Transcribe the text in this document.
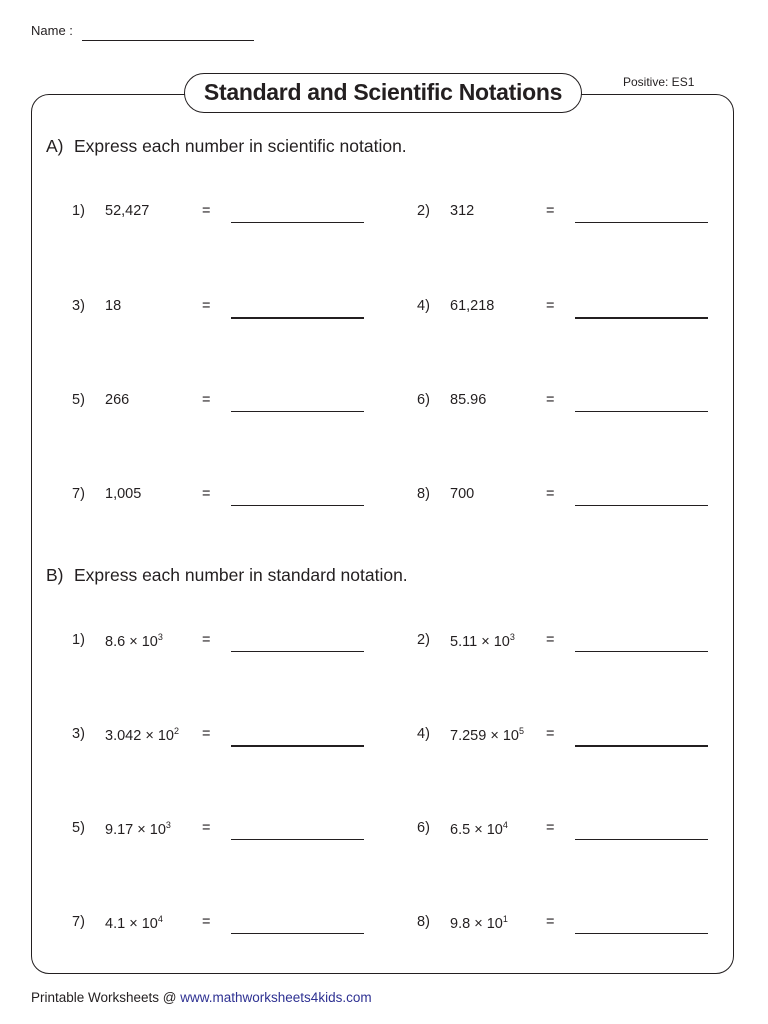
Name :
Standard and Scientific Notations	Positive: ES1
A) Express each number in scientific notation.
B) Express each number in standard notation.
1) 52,427	=	2) 312	=
3) 18	=	4) 61,218	=
5) 266	=	6) 85.96	=
7) 1,005	=	8) 700	=
1) $8.6 \times 10^3$	=	2) $5.11 \times 10^3$ =
3) $3.042 \times 10^2$ =	4) $7.259 \times 10^5$ =
5) $9.17 \times 10^3$ =	6) $6.5 \times 10^4$	=
7) $4.1 \times 10^4$	=	8) $9.8 \times 10^1$	=
Printable Worksheets @ www.mathworksheets4kids.com
